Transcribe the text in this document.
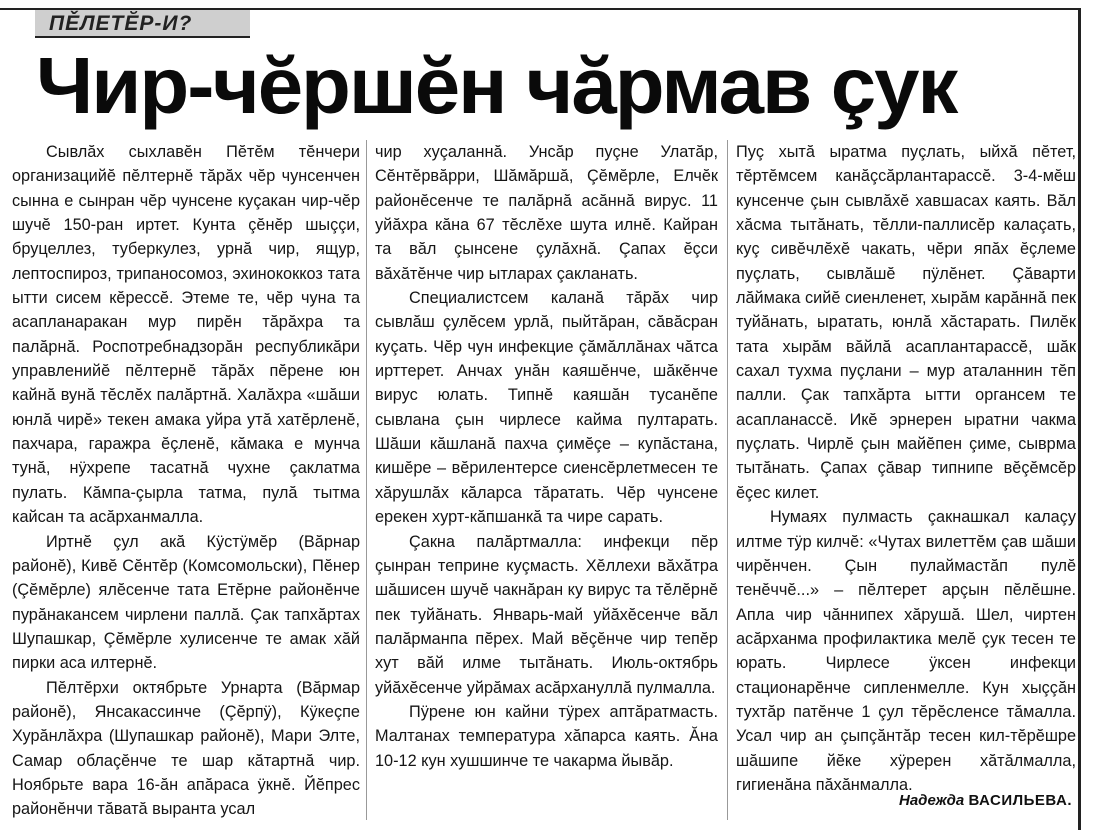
ПĚЛЕТĔР-И?
Чир-чĕршĕн чăрмав çук

Сывлăх сыхлавĕн Пĕтĕм тĕнчери организацийĕ пĕлтернĕ тăрăх чĕр чунсенчен сынна е сынран чĕр чунсене куçакан чир-чĕр шучĕ 150-ран иртет. Кунта çĕнĕр шыççи, бруцеллез, туберкулез, урнă чир, ящур, лептоспироз, трипаносомоз, эхинококкоз тата ытти сисем кĕрессĕ. Этеме те, чĕр чуна та асапланаракан мур пирĕн тăрăхра та палăрнă. Роспотребнадзорăн республикăри управленийĕ пĕлтернĕ тăрăх пĕрене юн кайнă вунă тĕслĕх палăртнă. Халăхра «шăши юнлă чирĕ» текен амака уйра утă хатĕрленĕ, пахчара, гаражра ĕçленĕ, кăмака е мунча тунă, нÿхрепе тасатнă чухне çаклатма пулать. Кăмпа-çырла татма, пулă тытма кайсан та асăрханмалла.

Иртнĕ çул акă Кÿстÿмĕр (Вăрнар районĕ), Кивĕ Сĕнтĕр (Комсомольски), Пĕнер (Çĕмĕрле) ялĕсенче тата Етĕрне районĕнче пурăнакансем чирлени паллă. Çак тапхăртах Шупашкар, Çĕмĕрле хулисенче те амак хăй пирки аса илтернĕ.

Пĕлтĕрхи октябрьте Урнарта (Вăрмар районĕ), Янсакассинче (Çĕрпÿ), Кÿкеçпе Хурăнлăхра (Шупашкар районĕ), Мари Элте, Самар облаçĕнче те шар кăтартнă чир. Ноябрьте вара 16-ăн апăраса ÿкнĕ. Йĕпрес районĕнчи тăватă выранта усал

чир хуçаланнă. Унсăр пуçне Улатăр, Сĕнтĕрвăрри, Шăмăршă, Çĕмĕрле, Елчĕк районĕсенче те палăрнă асăннă вирус. 11 уйăхра кăна 67 тĕслĕхе шута илнĕ. Кайран та вăл çынсене çулăхнă. Çапах ĕçси вăхăтĕнче чир ытларах çакланать.

Специалистсем каланă тăрăх чир сывлăш çулĕсем урлă, пыйтăран, сăвăсран куçать. Чĕр чун инфекцие çăмăллăнах чăтса ирттерет. Анчах унăн каяшĕнче, шăкĕнче вирус юлать. Типнĕ каяшăн тусанĕпе сывлана çын чирлесе кайма пултарать. Шăши кăшланă пахча çимĕçе – купăстана, кишĕре – вĕрилентерсе сиенсĕрлетмесен те хăрушлăх кăларса тăратать. Чĕр чунсене ерекен хурт-кăпшанкă та чире сарать.

Çакна палăртмалла: инфекци пĕр çынран теприне куçмасть. Хĕллехи вăхăтра шăшисен шучĕ чакнăран ку вирус та тĕлĕрнĕ пек туйăнать. Январь-май уйăхĕсенче вăл палăрманпа пĕрех. Май вĕçĕнче чир тепĕр хут вăй илме тытăнать. Июль-октябрь уйăхĕсенче уйрăмах асăрхануллă пулмалла.

Пÿрене юн кайни тÿрех аптăратмасть. Малтанах температура хăпарса каять. Ăна 10-12 кун хушшинче те чакарма йывăр.

Пуç хытă ыратма пуçлать, ыйхă пĕтет, тĕртĕмсем канăçсăрлантарассĕ. 3-4-мĕш кунсенче çын сывлăхĕ хавшасах каять. Вăл хăсма тытăнать, тĕлли-паллисĕр калаçать, куç сивĕчлĕхĕ чакать, чĕри япăх ĕçлеме пуçлать, сывлăшĕ пÿлĕнет. Çăварти лăймака сийĕ сиенленет, хырăм карăннă пек туйăнать, ыратать, юнлă хăстарать. Пилĕк тата хырăм вăйлă асаплантарассĕ, шăк сахал тухма пуçлани – мур аталаннин тĕп палли. Çак тапхăрта ытти органсем те асапланассĕ. Икĕ эрнерен ыратни чакма пуçлать. Чирлĕ çын майĕпен çиме, сыврма тытăнать. Çапах çăвар типнипе вĕçĕмсĕр ĕçес килет.

Нумаях пулмасть çакнашкал калаçу илтме тÿр килчĕ: «Чутах вилеттĕм çав шăши чирĕнчен. Çын пулаймастăп пулĕ тенĕччĕ...» – пĕлтерет арçын пĕлĕшне. Апла чир чăннипех хăрушă. Шел, чиртен асăрханма профилактика мелĕ çук тесен те юрать. Чирлесе ÿксен инфекци стационарĕнче сипленмелле. Кун хыççăн тухтăр патĕнче 1 çул тĕрĕсленсе тăмалла. Усал чир ан çыпçăнтăр тесен кил-тĕрĕшре шăшипе йĕке хÿререн хăтăлмалла, гигиенăна пăхăнмалла.

Надежда ВАСИЛЬЕВА.
